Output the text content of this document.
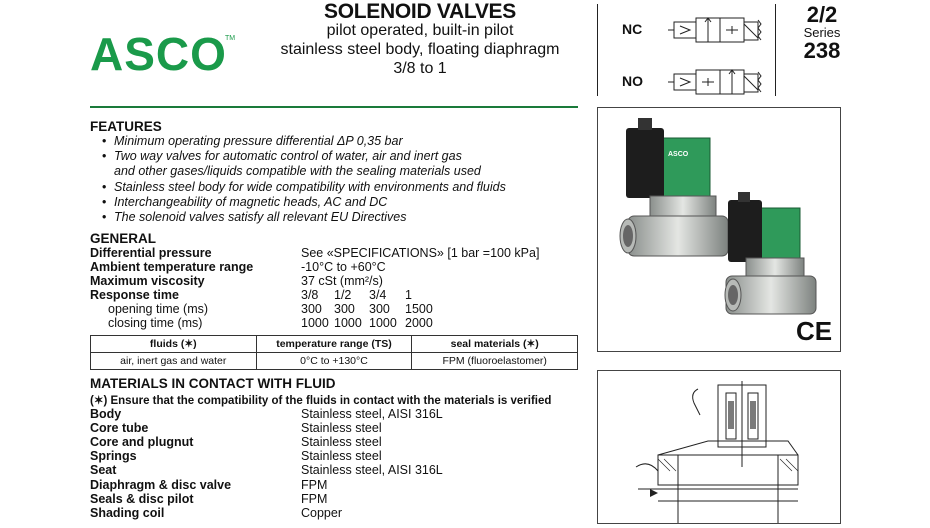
ASCO
TM
SOLENOID VALVES
pilot operated, built-in pilot
stainless steel body, floating diaphragm
3/8 to 1
NC
NO
2/2
Series
238
FEATURES
• Minimum operating pressure differential ΔP 0,35 bar
• Two way valves for automatic control of water, air and inert gas
and other gases/liquids compatible with the sealing materials used
• Stainless steel body for wide compatibility with environments and fluids
• Interchangeability of magnetic heads, AC and DC
• The solenoid valves satisfy all relevant EU Directives
GENERAL
Differential pressure	See «SPECIFICATIONS» [1 bar =100 kPa]
Ambient temperature range	-10°C to +60°C
Maximum viscosity	37 cSt (mm²/s)
Response time	3/8 1/2 3/4 1
opening time (ms)	300 300 300 1500
closing time (ms)	1000 1000 1000 2000
fluids (✶)	temperature range (TS)	seal materials (✶)
air, inert gas and water	0°C to +130°C	FPM (fluoroelastomer)
MATERIALS IN CONTACT WITH FLUID
(✶) Ensure that the compatibility of the fluids in contact with the materials is verified
Body	Stainless steel, AISI 316L
Core tube	Stainless steel
Core and plugnut	Stainless steel
Springs	Stainless steel
Seat	Stainless steel, AISI 316L
Diaphragm & disc valve	FPM
Seals & disc pilot	FPM
Shading coil	Copper
ASCO
CE
